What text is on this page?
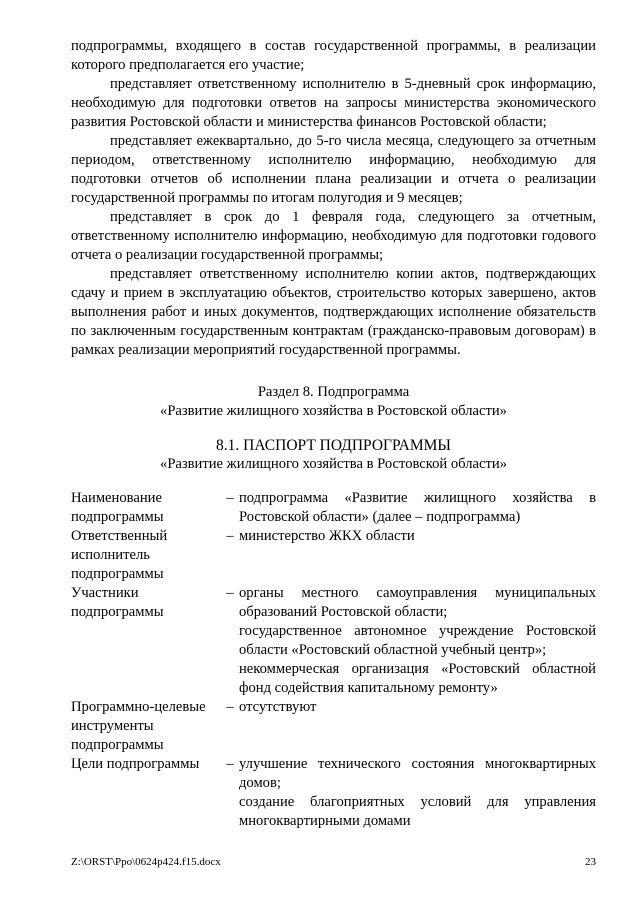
подпрограммы, входящего в состав государственной программы, в реализации которого предполагается его участие;

представляет ответственному исполнителю в 5-дневный срок информацию, необходимую для подготовки ответов на запросы министерства экономического развития Ростовской области и министерства финансов Ростовской области;

представляет ежеквартально, до 5-го числа месяца, следующего за отчетным периодом, ответственному исполнителю информацию, необходимую для подготовки отчетов об исполнении плана реализации и отчета о реализации государственной программы по итогам полугодия и 9 месяцев;

представляет в срок до 1 февраля года, следующего за отчетным, ответственному исполнителю информацию, необходимую для подготовки годового отчета о реализации государственной программы;

представляет ответственному исполнителю копии актов, подтверждающих сдачу и прием в эксплуатацию объектов, строительство которых завершено, актов выполнения работ и иных документов, подтверждающих исполнение обязательств по заключенным государственным контрактам (гражданско-правовым договорам) в рамках реализации мероприятий государственной программы.

Раздел 8. Подпрограмма
«Развитие жилищного хозяйства в Ростовской области»
8.1. ПАСПОРТ ПОДПРОГРАММЫ
«Развитие жилищного хозяйства в Ростовской области»
Наименование
подпрограммы
– подпрограмма «Развитие жилищного хозяйства в Ростовской области» (далее – подпрограмма)

Ответственный
исполнитель
подпрограммы
– министерство ЖКХ области

Участники
подпрограммы
– органы местного самоуправления муниципальных образований Ростовской области;

государственное автономное учреждение Ростовской области «Ростовский областной учебный центр»;

некоммерческая организация «Ростовский областной фонд содействия капитальному ремонту»

Программно-целевые
инструменты
подпрограммы
– отсутствуют

Цели подпрограммы	– улучшение технического состояния многоквартирных домов;

создание благоприятных условий для управления многоквартирными домами

Z:\ORST\Ppo\0624p424.f15.docx	23
